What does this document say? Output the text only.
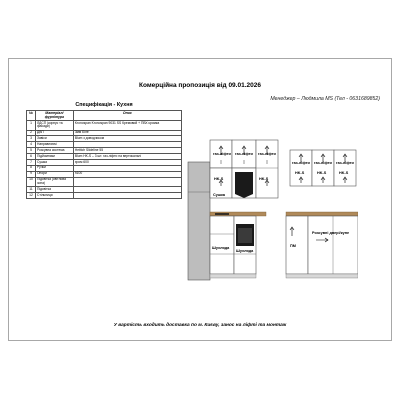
Комерційна пропозиція від 09.01.2026
Менеджер – Людмила МЅ (Тел - 0631689852)
Специфікація - Кухня
№	Матеріал/фурнітура	Опис
1	ЛДСП (корпус та фасади)	Kronospan Kronospan 9031 SS Кремовий + ПВХ кромка
2	ДВП	3мм Біле
3	Завіси	Blum з доводчиком
4	Направляючі	
5	Розсувна система	Hettich Slideline 55
6	Підйомники	Blum HK-S – 3 шт. газ-ліфти на вертикальні
7	Сушка	хром 600
8	Ручки	
9	Опори	h100
10	Підсвітка (світлова зона)	
11	Підсвітка	
12	Стільниця	
газ-ліфти газ-ліфти газ-ліфти
HK-S
Сушка
HK-S
Шухляда
Шухляда
газ-ліфти газ-ліфти газ-ліфти
HK-S	HK-S	HK-S
ПМ
Розсувні двері/купе
У вартість входить доставка по м. Києву, занос на ліфті та монтаж
